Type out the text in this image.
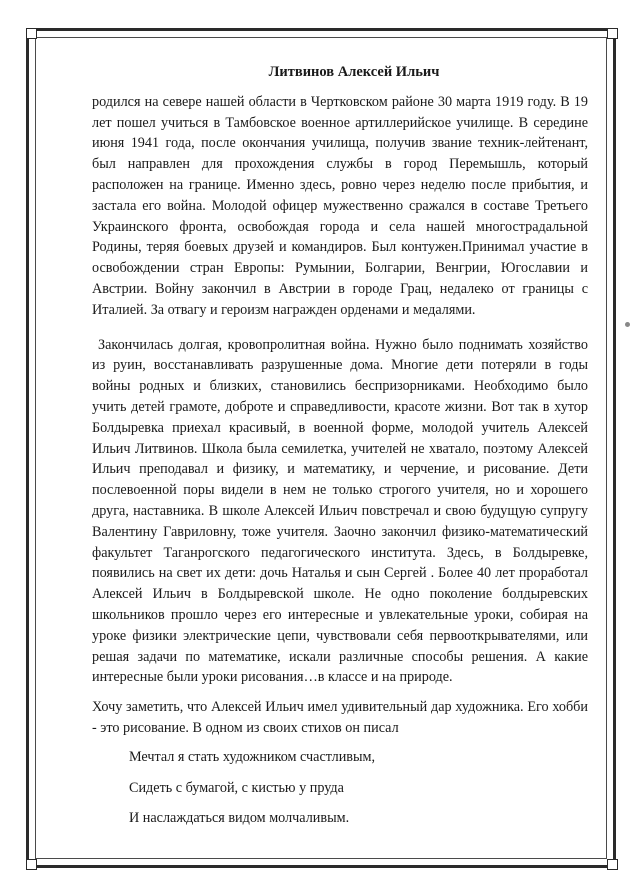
Литвинов Алексей Ильич

родился на севере нашей области в Чертковском районе 30 марта 1919 году. В 19 лет пошел учиться в Тамбовское военное артиллерийское училище. В середине июня 1941 года, после окончания училища, получив звание техник-лейтенант, был направлен для прохождения службы в город Перемышль, который расположен на границе. Именно здесь, ровно через неделю после прибытия, и застала его война. Молодой офицер мужественно сражался в составе Третьего Украинского фронта, освобождая города и села нашей многострадальной Родины, теряя боевых друзей и командиров. Был контужен.Принимал участие в освобождении стран Европы: Румынии, Болгарии, Венгрии, Югославии и Австрии. Войну закончил в Австрии в городе Грац, недалеко от границы с Италией. За отвагу и героизм награжден орденами и медалями.

Закончилась долгая, кровопролитная война. Нужно было поднимать хозяйство из руин, восстанавливать разрушенные дома. Многие дети потеряли в годы войны родных и близких, становились беспризорниками. Необходимо было учить детей грамоте, доброте и справедливости, красоте жизни. Вот так в хутор Болдыревка приехал красивый, в военной форме, молодой учитель Алексей Ильич Литвинов. Школа была семилетка, учителей не хватало, поэтому Алексей Ильич преподавал и физику, и математику, и черчение, и рисование. Дети послевоенной поры видели в нем не только строгого учителя, но и хорошего друга, наставника. В школе Алексей Ильич повстречал и свою будущую супругу Валентину Гавриловну, тоже учителя. Заочно закончил физико-математический факультет Таганрогского педагогического института. Здесь, в Болдыревке, появились на свет их дети: дочь Наталья и сын Сергей . Более 40 лет проработал Алексей Ильич в Болдыревской школе. Не одно поколение болдыревских школьников прошло через его интересные и увлекательные уроки, собирая на уроке физики электрические цепи, чувствовали себя первооткрывателями, или решая задачи по математике, искали различные способы решения. А какие интересные были уроки рисования…в классе и на природе.

Хочу заметить, что Алексей Ильич имел удивительный дар художника. Его хобби - это рисование. В одном из своих стихов он писал

Мечтал я стать художником счастливым,

Сидеть с бумагой, с кистью у пруда

И наслаждаться видом молчаливым.
